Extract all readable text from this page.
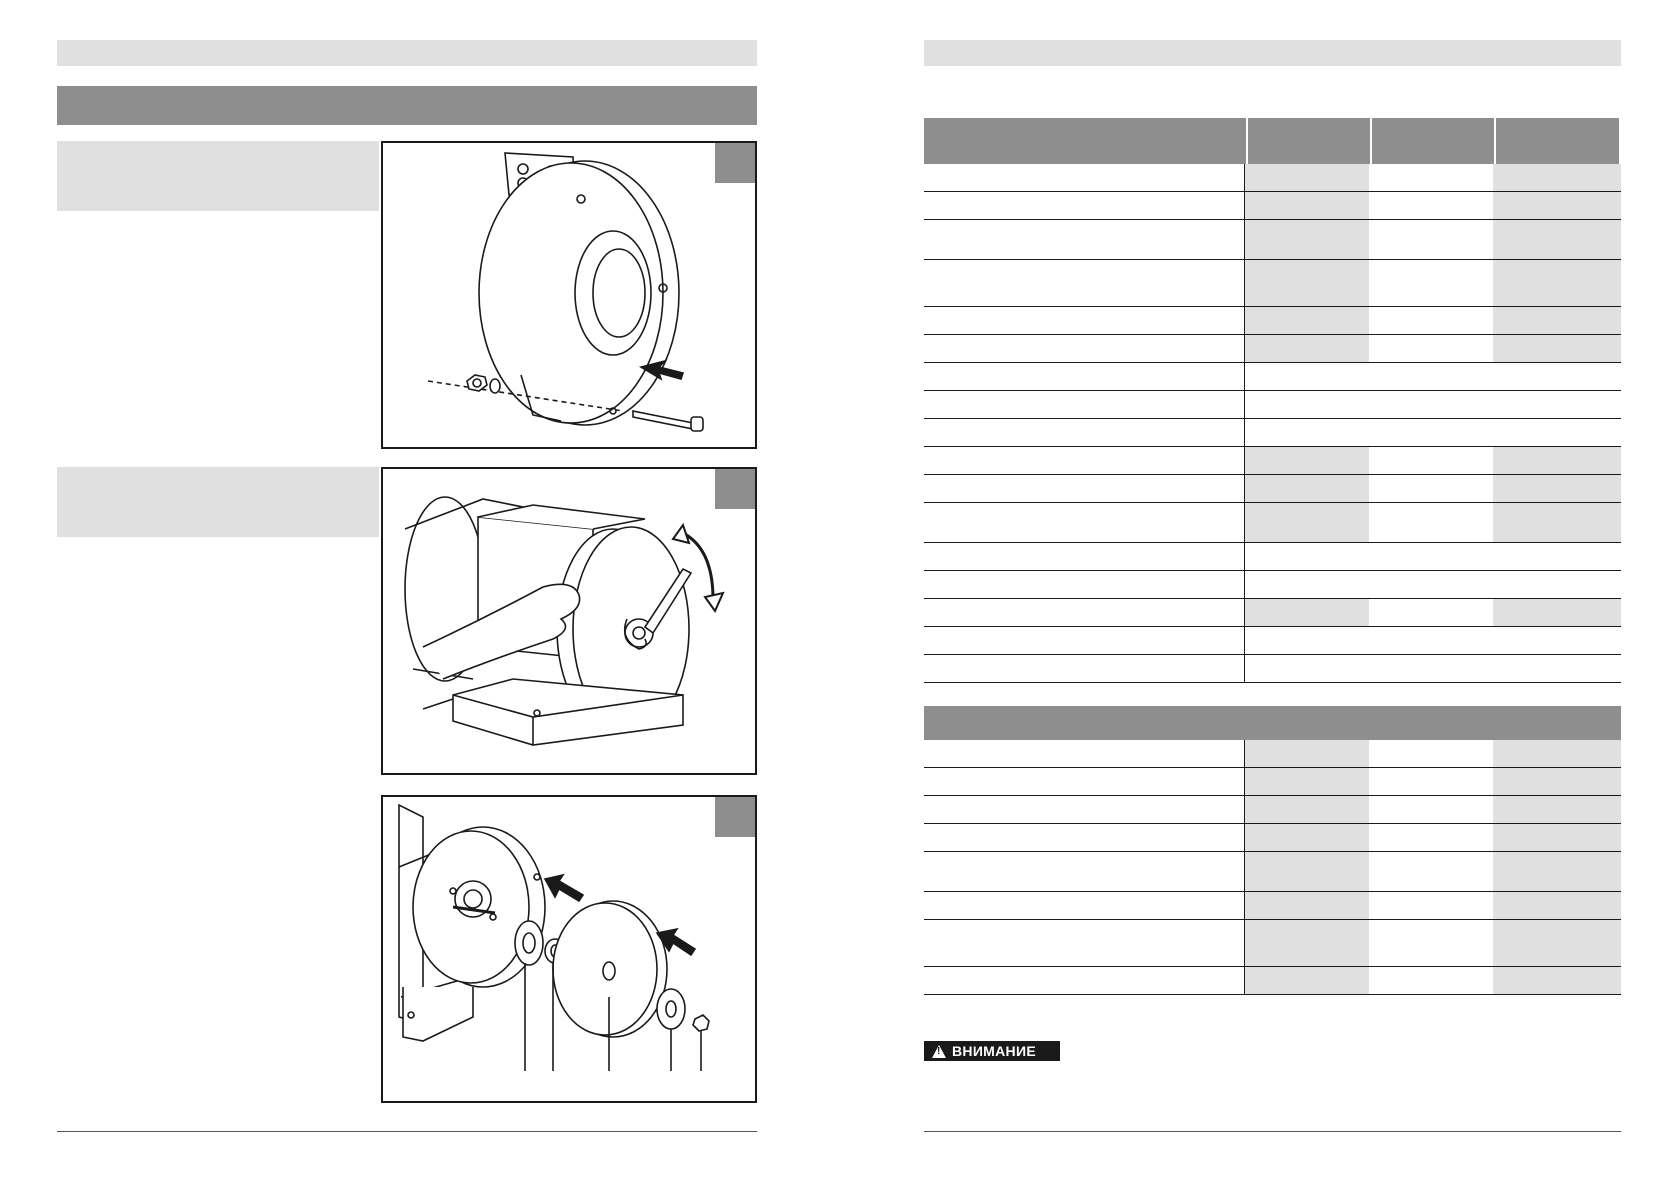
!
ВНИМАНИЕ
